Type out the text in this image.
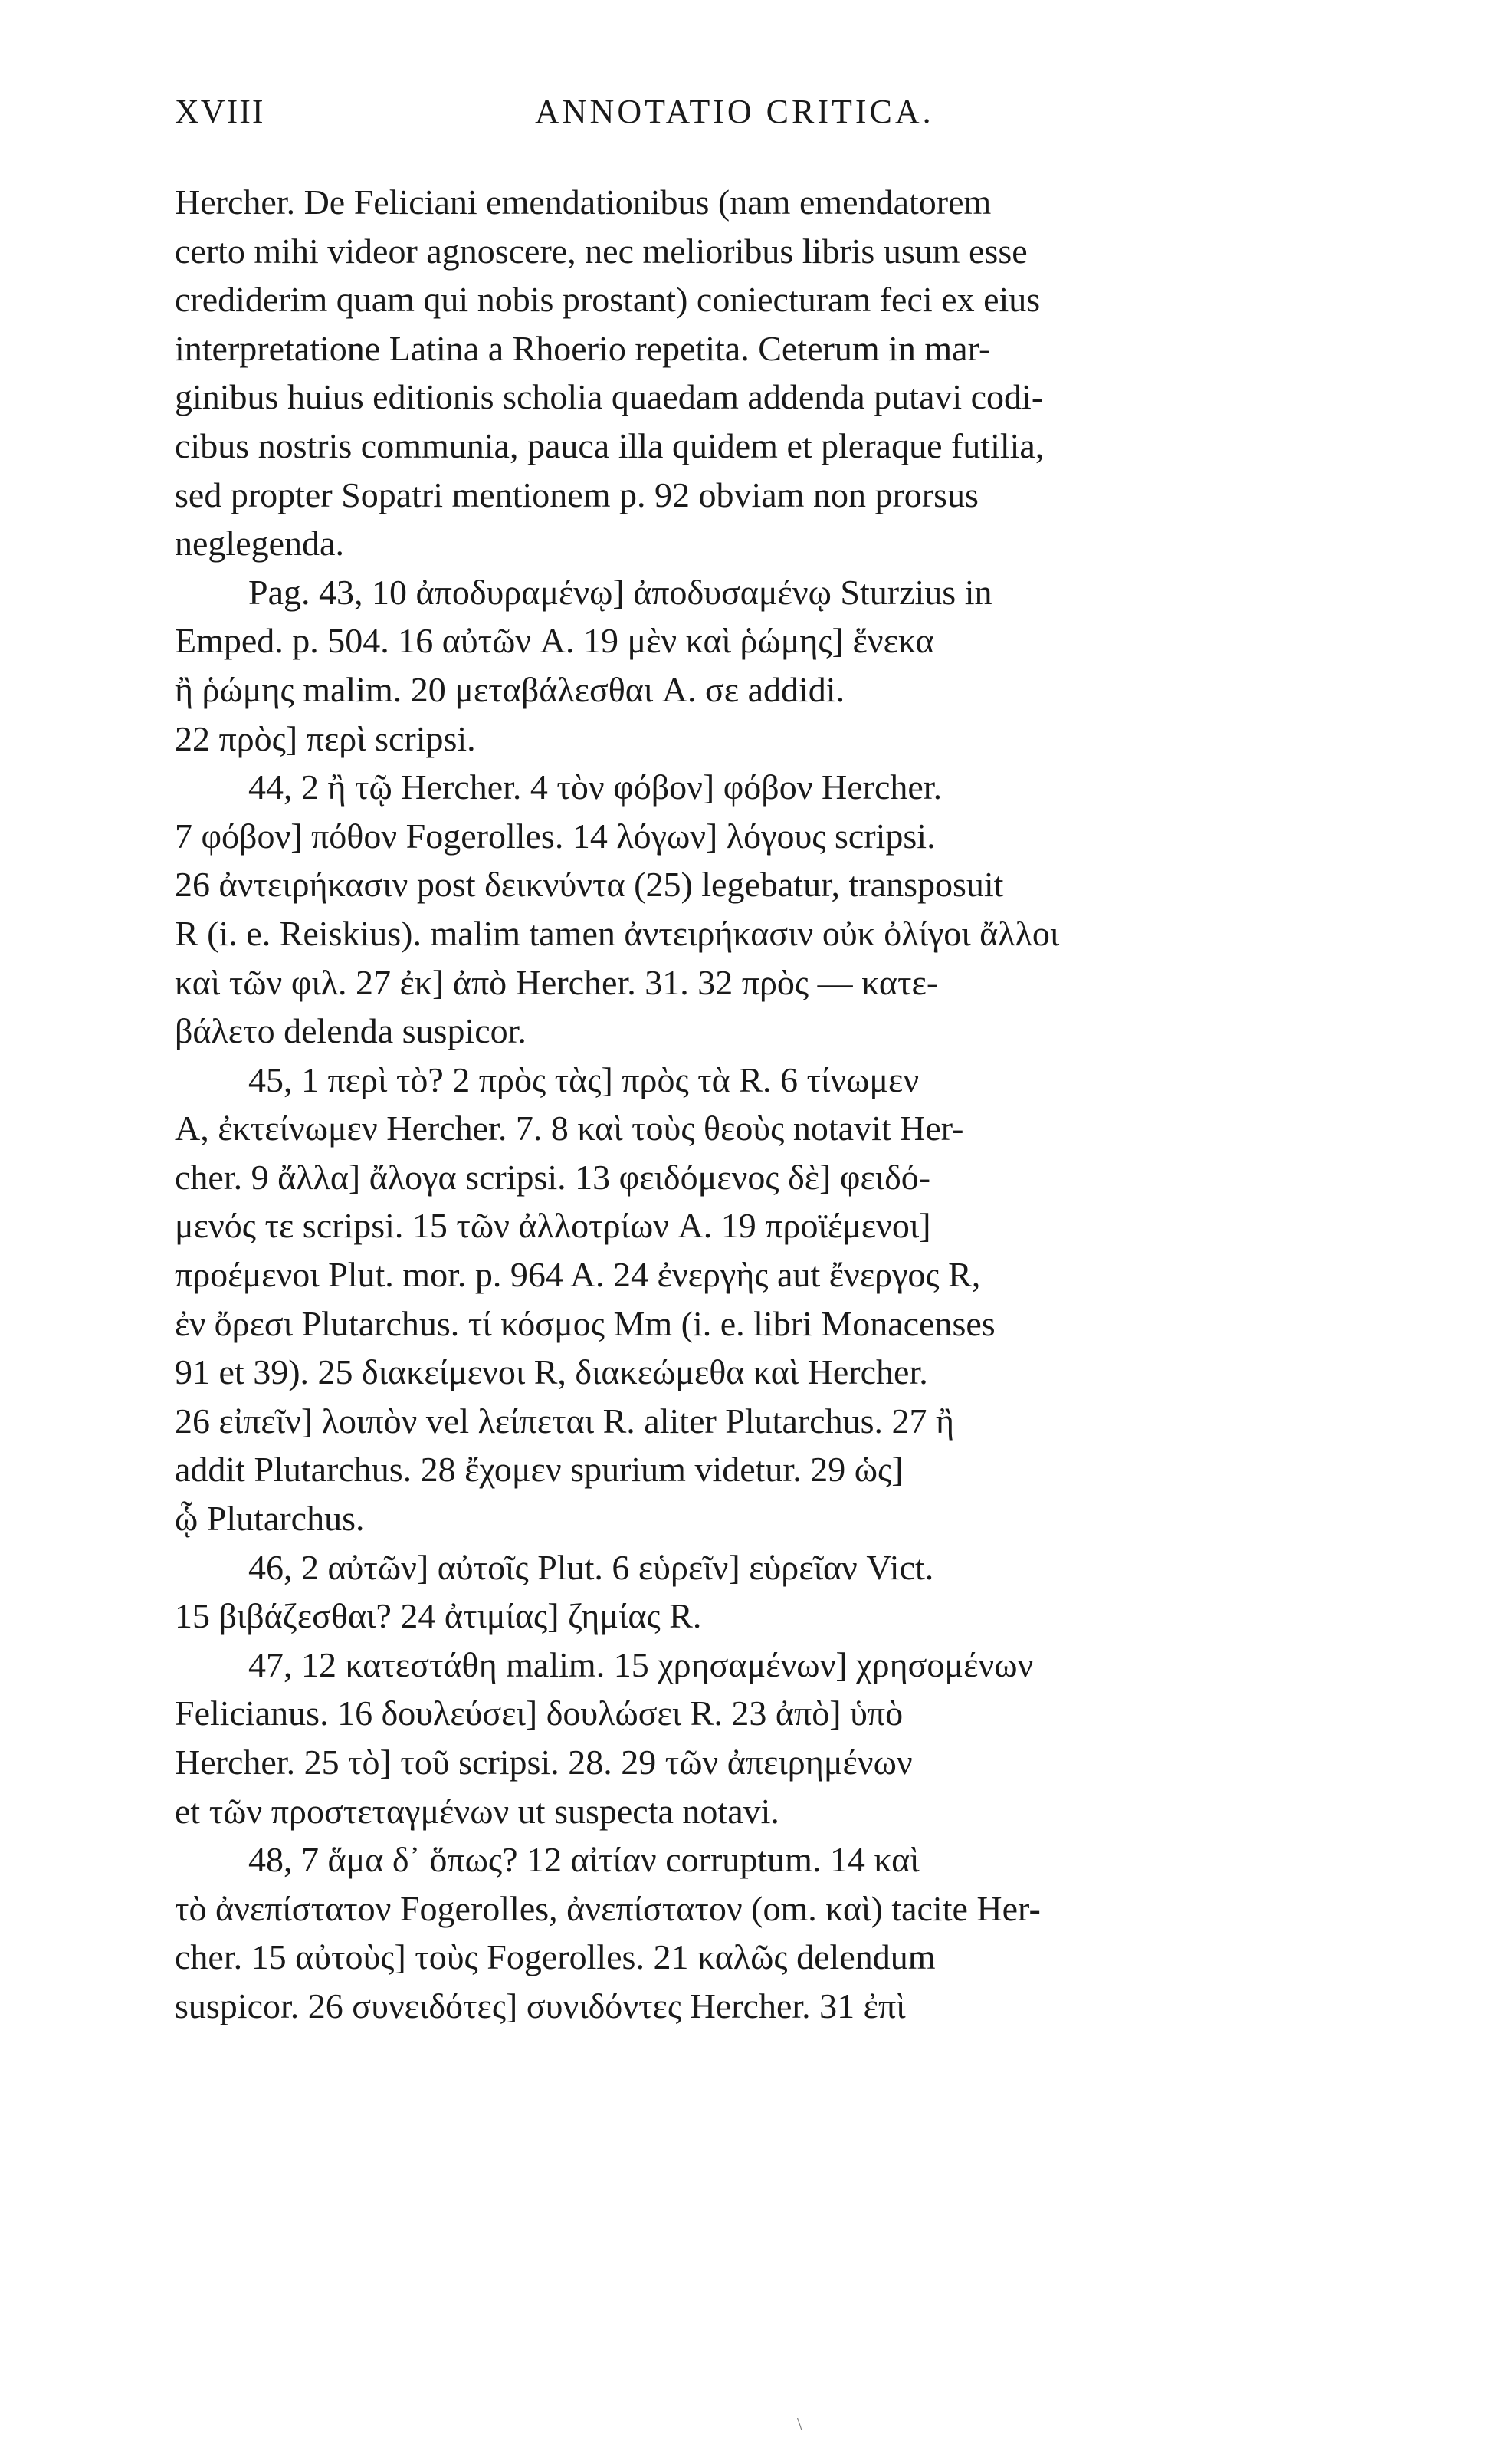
XVIII	ANNOTATIO CRITICA.
Hercher. De Feliciani emendationibus (nam emendatorem
certo mihi videor agnoscere, nec melioribus libris usum esse
crediderim quam qui nobis prostant) coniecturam feci ex eius
interpretatione Latina a Rhoerio repetita. Ceterum in mar-
ginibus huius editionis scholia quaedam addenda putavi codi-
cibus nostris communia, pauca illa quidem et pleraque futilia,
sed propter Sopatri mentionem p. 92 obviam non prorsus
neglegenda.
Pag. 43, 10 ἀποδυραμένῳ] ἀποδυσαμένῳ Sturzius in
Emped. p. 504. 16 αὐτῶν A. 19 μὲν καὶ ῥώμης] ἕνεκα
ἢ ῥώμης malim. 20 μεταβάλεσθαι A. σε addidi.
22 πρὸς] περὶ scripsi.
44, 2 ἢ τῷ Hercher. 4 τὸν φόβον] φόβον Hercher.
7 φόβον] πόθον Fogerolles. 14 λόγων] λόγους scripsi.
26 ἀντειρήκασιν post δεικνύντα (25) legebatur, transposuit
R (i. e. Reiskius). malim tamen ἀντειρήκασιν οὐκ ὀλίγοι ἄλλοι
καὶ τῶν φιλ. 27 ἐκ] ἀπὸ Hercher. 31. 32 πρὸς — κατε-
βάλετο delenda suspicor.
45, 1 περὶ τὸ? 2 πρὸς τὰς] πρὸς τὰ R. 6 τίνωμεν
A, ἐκτείνωμεν Hercher. 7. 8 καὶ τοὺς θεοὺς notavit Her-
cher. 9 ἄλλα] ἄλογα scripsi. 13 φειδόμενος δὲ] φειδό-
μενός τε scripsi. 15 τῶν ἀλλοτρίων A. 19 προϊέμενοι]
προέμενοι Plut. mor. p. 964 A. 24 ἐνεργὴς aut ἔνεργος R,
ἐν ὄρεσι Plutarchus. τί κόσμος Mm (i. e. libri Monacenses
91 et 39). 25 διακείμενοι R, διακεώμεθα καὶ Hercher.
26 εἰπεῖν] λοιπὸν vel λείπεται R. aliter Plutarchus. 27 ἢ
addit Plutarchus. 28 ἔχομεν spurium videtur. 29 ὡς]
ᾧ Plutarchus.
46, 2 αὐτῶν] αὐτοῖς Plut. 6 εὑρεῖν] εὑρεῖαν Vict.
15 βιβάζεσθαι? 24 ἀτιμίας] ζημίας R.
47, 12 κατεστάθη malim. 15 χρησαμένων] χρησομένων
Felicianus. 16 δουλεύσει] δουλώσει R. 23 ἀπὸ] ὑπὸ
Hercher. 25 τὸ] τοῦ scripsi. 28. 29 τῶν ἀπειρημένων
et τῶν προστεταγμένων ut suspecta notavi.
48, 7 ἅμα δ᾽ ὅπως? 12 αἰτίαν corruptum. 14 καὶ
τὸ ἀνεπίστατον Fogerolles, ἀνεπίστατον (om. καὶ) tacite Her-
cher. 15 αὐτοὺς] τοὺς Fogerolles. 21 καλῶς delendum
suspicor. 26 συνειδότες] συνιδόντες Hercher. 31 ἐπὶ
\
